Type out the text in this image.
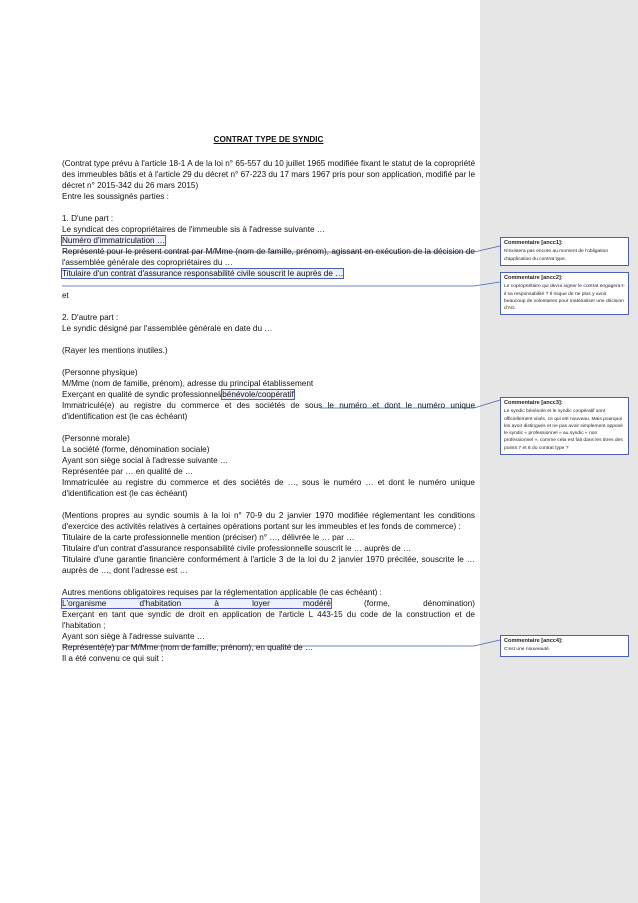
CONTRAT TYPE DE SYNDIC

(Contrat type prévu à l'article 18-1 A de la loi n° 65-557 du 10 juillet 1965 modifiée fixant le statut de la copropriété des immeubles bâtis et à l'article 29 du décret n° 67-223 du 17 mars 1967 pris pour son application, modifié par le décret n° 2015-342 du 26 mars 2015)

Entre les soussignés parties :

1. D'une part :

Le syndicat des copropriétaires de l'immeuble sis à l'adresse suivante …

Numéro d'immatriculation …

Représenté pour le présent contrat par M/Mme (nom de famille, prénom), agissant en exécution de la décision de l'assemblée générale des copropriétaires du …

Titulaire d'un contrat d'assurance responsabilité civile souscrit le auprès de …

et

2. D'autre part :

Le syndic désigné par l'assemblée générale en date du …

(Rayer les mentions inutiles.)

(Personne physique)

M/Mme (nom de famille, prénom), adresse du principal établissement

Exerçant en qualité de syndic professionnel/bénévole/coopératif

Immatriculé(e) au registre du commerce et des sociétés de sous le numéro et dont le numéro unique d'identification est (le cas échéant)

(Personne morale)

La société (forme, dénomination sociale)

Ayant son siège social à l'adresse suivante …

Représentée par … en qualité de …

Immatriculée au registre du commerce et des sociétés de …, sous le numéro … et dont le numéro unique d'identification est (le cas échéant)

(Mentions propres au syndic soumis à la loi n° 70-9 du 2 janvier 1970 modifiée réglementant les conditions d'exercice des activités relatives à certaines opérations portant sur les immeubles et les fonds de commerce) :

Titulaire de la carte professionnelle mention (préciser) n° …, délivrée le … par …

Titulaire d'un contrat d'assurance responsabilité civile professionnelle souscrit le … auprès de …

Titulaire d'une garantie financière conformément à l'article 3 de la loi du 2 janvier 1970 précitée, souscrite le … auprès de …, dont l'adresse est …

Autres mentions obligatoires requises par la réglementation applicable (le cas échéant) :

L'organisme d'habitation à loyer modéré	(forme, dénomination)

Exerçant en tant que syndic de droit en application de l'article L 443-15 du code de la construction et de l'habitation ;

Ayant son siège à l'adresse suivante …

Représenté(e) par M/Mme (nom de famille, prénom), en qualité de …

Il a été convenu ce qui suit :

Commentaire [ancc1]:
N'existera pas encore au moment de l'obligation d'application du contrat type.
Commentaire [ancc2]:
Le copropriétaire qui devra signer le contrat engagera-t-il sa responsabilité ? Il risque de ne plus y avoir beaucoup de volontaires pour matérialiser une décision d'AG.
Commentaire [ancc3]:
Le syndic bénévole et le syndic coopératif sont officiellement visés, ce qui est nouveau. Mais pourquoi les avoir distingués et ne pas avoir simplement opposé le syndic « professionnel » au syndic « non professionnel », comme cela est fait dans les titres des points 7 et 8 du contrat type ?
Commentaire [ancc4]:
C'est une nouveauté.
